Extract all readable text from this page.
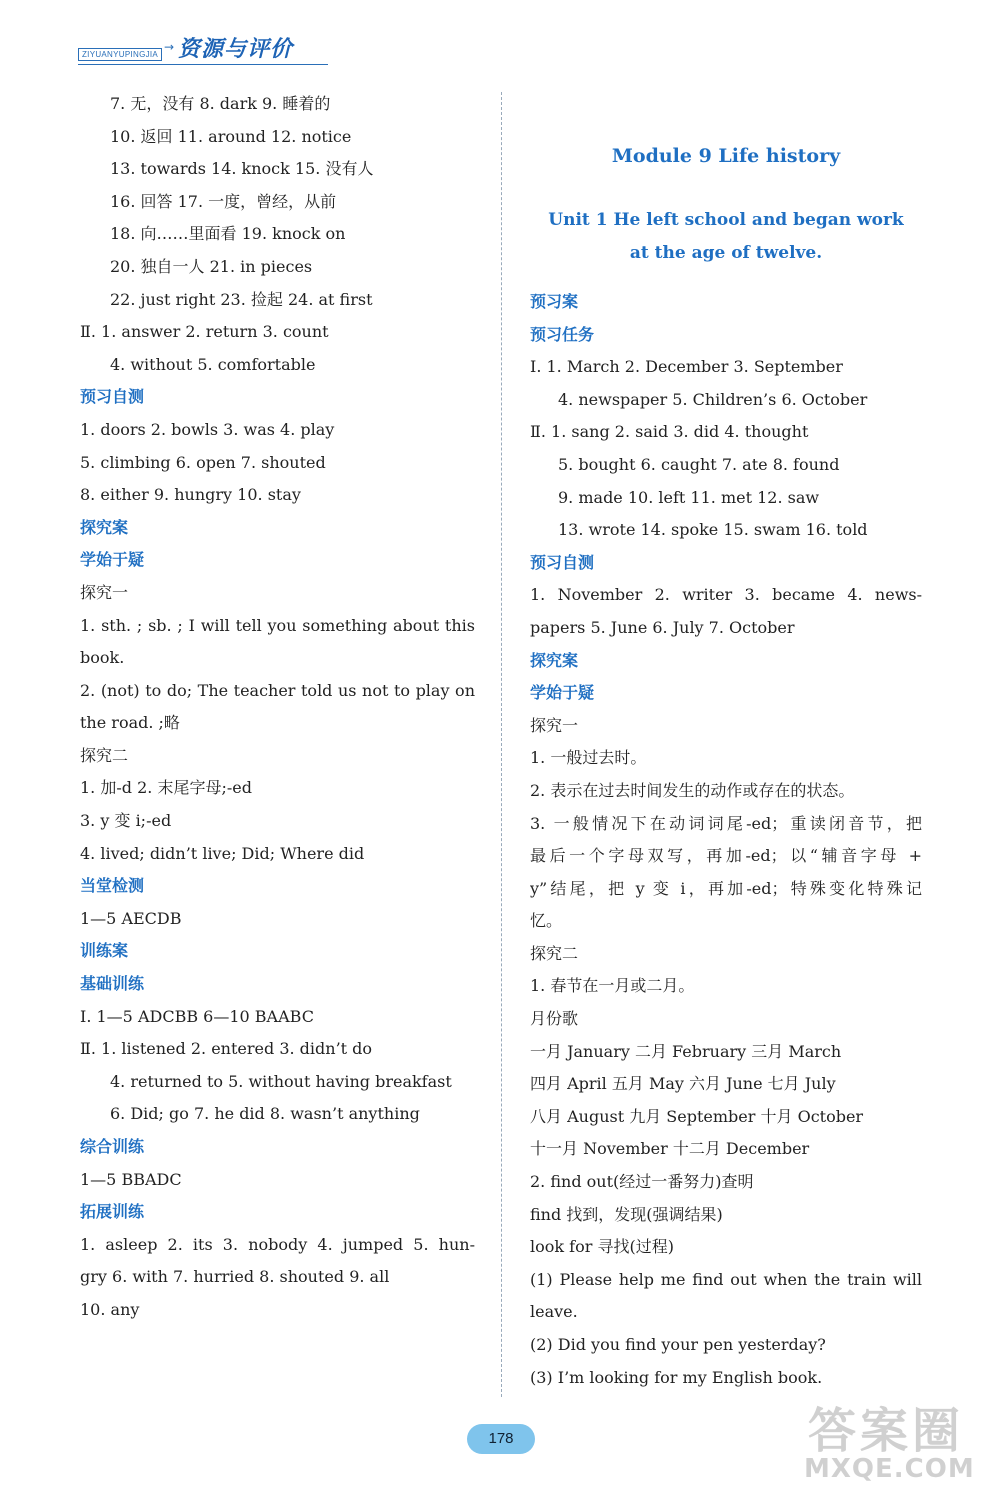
ZIYUANYUPINGJIA
→ 资源与评价
7. 无，没有 8. dark 9. 睡着的
10. 返回 11. around 12. notice
13. towards 14. knock 15. 没有人
16. 回答 17. 一度，曾经，从前
18. 向……里面看 19. knock on
20. 独自一人 21. in pieces
22. just right 23. 捡起 24. at first
Ⅱ. 1. answer 2. return 3. count
4. without 5. comfortable
预习自测
1. doors 2. bowls 3. was 4. play
5. climbing 6. open 7. shouted
8. either 9. hungry 10. stay
探究案
学始于疑
探究一
1. sth. ; sb. ; I will tell you something about this
book.
2. (not) to do; The teacher told us not to play on
the road. ;略
探究二
1. 加-d 2. 末尾字母;-ed
3. y 变 i;-ed
4. lived; didn’t live; Did; Where did
当堂检测
1—5 AECDB
训练案
基础训练
Ⅰ. 1—5 ADCBB 6—10 BAABC
Ⅱ. 1. listened 2. entered 3. didn’t do
4. returned to 5. without having breakfast
6. Did; go 7. he did 8. wasn’t anything
综合训练
1—5 BBADC
拓展训练
1. asleep 2. its 3. nobody 4. jumped 5. hun-
gry 6. with 7. hurried 8. shouted 9. all
10. any
Module 9 Life history
Unit 1 He left school and began work
at the age of twelve.
预习案
预习任务
Ⅰ. 1. March 2. December 3. September
4. newspaper 5. Children’s 6. October
Ⅱ. 1. sang 2. said 3. did 4. thought
5. bought 6. caught 7. ate 8. found
9. made 10. left 11. met 12. saw
13. wrote 14. spoke 15. swam 16. told
预习自测
1. November 2. writer 3. became 4. news-
papers 5. June 6. July 7. October
探究案
学始于疑
探究一
1. 一般过去时。
2. 表示在过去时间发生的动作或存在的状态。
3. 一般情况下在动词词尾-ed；重读闭音节，把
最后一个字母双写，再加-ed；以“辅音字母 +
y”结尾，把 y 变 i，再加-ed；特殊变化特殊记
忆。
探究二
1. 春节在一月或二月。
月份歌
一月 January 二月 February 三月 March
四月 April 五月 May 六月 June 七月 July
八月 August 九月 September 十月 October
十一月 November 十二月 December
2. find out(经过一番努力)查明
find 找到，发现(强调结果)
look for 寻找(过程)
(1) Please help me find out when the train will
leave.
(2) Did you find your pen yesterday?
(3) I’m looking for my English book.
178	答案圈
MXQE.COM
